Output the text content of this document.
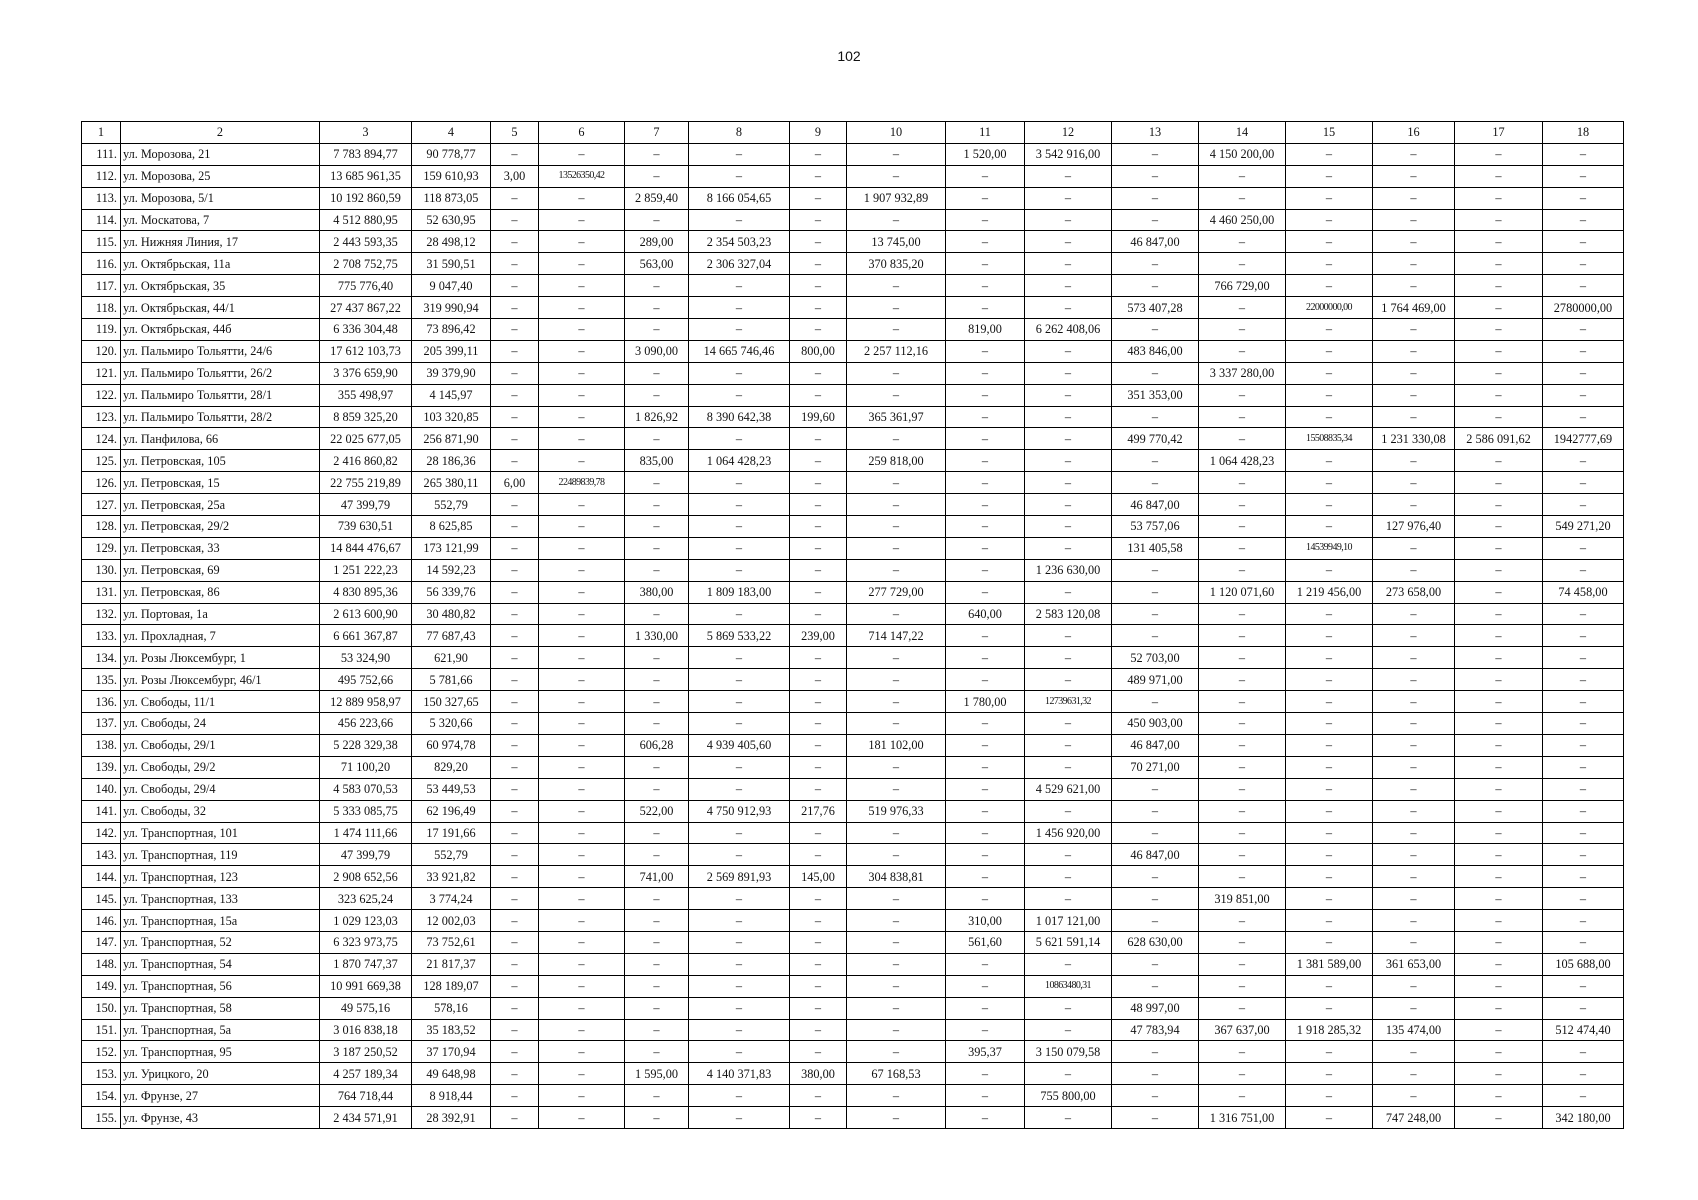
102
1	2	3	4	5	6	7	8	9	10	11	12	13	14	15	16	17	18
111.	ул. Морозова, 21	7 783 894,77	90 778,77	–	–	–	–	–	–	1 520,00	3 542 916,00	–	4 150 200,00	–	–	–	–
112.	ул. Морозова, 25	13 685 961,35	159 610,93	3,00	13526350,42	–	–	–	–	–	–	–	–	–	–	–	–
113.	ул. Морозова, 5/1	10 192 860,59	118 873,05	–	–	2 859,40	8 166 054,65	–	1 907 932,89	–	–	–	–	–	–	–	–
114.	ул. Москатова, 7	4 512 880,95	52 630,95	–	–	–	–	–	–	–	–	–	4 460 250,00	–	–	–	–
115.	ул. Нижняя Линия, 17	2 443 593,35	28 498,12	–	–	289,00	2 354 503,23	–	13 745,00	–	–	46 847,00	–	–	–	–	–
116.	ул. Октябрьская, 11а	2 708 752,75	31 590,51	–	–	563,00	2 306 327,04	–	370 835,20	–	–	–	–	–	–	–	–
117.	ул. Октябрьская, 35	775 776,40	9 047,40	–	–	–	–	–	–	–	–	–	766 729,00	–	–	–	–
118.	ул. Октябрьская, 44/1	27 437 867,22	319 990,94	–	–	–	–	–	–	–	–	573 407,28	–	22000000,00	1 764 469,00	–	2780000,00
119.	ул. Октябрьская, 44б	6 336 304,48	73 896,42	–	–	–	–	–	–	819,00	6 262 408,06	–	–	–	–	–	–
120.	ул. Пальмиро Тольятти, 24/6	17 612 103,73	205 399,11	–	–	3 090,00	14 665 746,46	800,00	2 257 112,16	–	–	483 846,00	–	–	–	–	–
121.	ул. Пальмиро Тольятти, 26/2	3 376 659,90	39 379,90	–	–	–	–	–	–	–	–	–	3 337 280,00	–	–	–	–
122.	ул. Пальмиро Тольятти, 28/1	355 498,97	4 145,97	–	–	–	–	–	–	–	–	351 353,00	–	–	–	–	–
123.	ул. Пальмиро Тольятти, 28/2	8 859 325,20	103 320,85	–	–	1 826,92	8 390 642,38	199,60	365 361,97	–	–	–	–	–	–	–	–
124.	ул. Панфилова, 66	22 025 677,05	256 871,90	–	–	–	–	–	–	–	–	499 770,42	–	15508835,34	1 231 330,08	2 586 091,62	1942777,69
125.	ул. Петровская, 105	2 416 860,82	28 186,36	–	–	835,00	1 064 428,23	–	259 818,00	–	–	–	1 064 428,23	–	–	–	–
126.	ул. Петровская, 15	22 755 219,89	265 380,11	6,00	22489839,78	–	–	–	–	–	–	–	–	–	–	–	–
127.	ул. Петровская, 25а	47 399,79	552,79	–	–	–	–	–	–	–	–	46 847,00	–	–	–	–	–
128.	ул. Петровская, 29/2	739 630,51	8 625,85	–	–	–	–	–	–	–	–	53 757,06	–	–	127 976,40	–	549 271,20
129.	ул. Петровская, 33	14 844 476,67	173 121,99	–	–	–	–	–	–	–	–	131 405,58	–	14539949,10	–	–	–
130.	ул. Петровская, 69	1 251 222,23	14 592,23	–	–	–	–	–	–	–	1 236 630,00	–	–	–	–	–	–
131.	ул. Петровская, 86	4 830 895,36	56 339,76	–	–	380,00	1 809 183,00	–	277 729,00	–	–	–	1 120 071,60	1 219 456,00	273 658,00	–	74 458,00
132.	ул. Портовая, 1а	2 613 600,90	30 480,82	–	–	–	–	–	–	640,00	2 583 120,08	–	–	–	–	–	–
133.	ул. Прохладная, 7	6 661 367,87	77 687,43	–	–	1 330,00	5 869 533,22	239,00	714 147,22	–	–	–	–	–	–	–	–
134.	ул. Розы Люксембург, 1	53 324,90	621,90	–	–	–	–	–	–	–	–	52 703,00	–	–	–	–	–
135.	ул. Розы Люксембург, 46/1	495 752,66	5 781,66	–	–	–	–	–	–	–	–	489 971,00	–	–	–	–	–
136.	ул. Свободы, 11/1	12 889 958,97	150 327,65	–	–	–	–	–	–	1 780,00	12739631,32	–	–	–	–	–	–
137.	ул. Свободы, 24	456 223,66	5 320,66	–	–	–	–	–	–	–	–	450 903,00	–	–	–	–	–
138.	ул. Свободы, 29/1	5 228 329,38	60 974,78	–	–	606,28	4 939 405,60	–	181 102,00	–	–	46 847,00	–	–	–	–	–
139.	ул. Свободы, 29/2	71 100,20	829,20	–	–	–	–	–	–	–	–	70 271,00	–	–	–	–	–
140.	ул. Свободы, 29/4	4 583 070,53	53 449,53	–	–	–	–	–	–	–	4 529 621,00	–	–	–	–	–	–
141.	ул. Свободы, 32	5 333 085,75	62 196,49	–	–	522,00	4 750 912,93	217,76	519 976,33	–	–	–	–	–	–	–	–
142.	ул. Транспортная, 101	1 474 111,66	17 191,66	–	–	–	–	–	–	–	1 456 920,00	–	–	–	–	–	–
143.	ул. Транспортная, 119	47 399,79	552,79	–	–	–	–	–	–	–	–	46 847,00	–	–	–	–	–
144.	ул. Транспортная, 123	2 908 652,56	33 921,82	–	–	741,00	2 569 891,93	145,00	304 838,81	–	–	–	–	–	–	–	–
145.	ул. Транспортная, 133	323 625,24	3 774,24	–	–	–	–	–	–	–	–	–	319 851,00	–	–	–	–
146.	ул. Транспортная, 15а	1 029 123,03	12 002,03	–	–	–	–	–	–	310,00	1 017 121,00	–	–	–	–	–	–
147.	ул. Транспортная, 52	6 323 973,75	73 752,61	–	–	–	–	–	–	561,60	5 621 591,14	628 630,00	–	–	–	–	–
148.	ул. Транспортная, 54	1 870 747,37	21 817,37	–	–	–	–	–	–	–	–	–	–	1 381 589,00	361 653,00	–	105 688,00
149.	ул. Транспортная, 56	10 991 669,38	128 189,07	–	–	–	–	–	–	–	10863480,31	–	–	–	–	–	–
150.	ул. Транспортная, 58	49 575,16	578,16	–	–	–	–	–	–	–	–	48 997,00	–	–	–	–	–
151.	ул. Транспортная, 5а	3 016 838,18	35 183,52	–	–	–	–	–	–	–	–	47 783,94	367 637,00	1 918 285,32	135 474,00	–	512 474,40
152.	ул. Транспортная, 95	3 187 250,52	37 170,94	–	–	–	–	–	–	395,37	3 150 079,58	–	–	–	–	–	–
153.	ул. Урицкого, 20	4 257 189,34	49 648,98	–	–	1 595,00	4 140 371,83	380,00	67 168,53	–	–	–	–	–	–	–	–
154.	ул. Фрунзе, 27	764 718,44	8 918,44	–	–	–	–	–	–	–	755 800,00	–	–	–	–	–	–
155.	ул. Фрунзе, 43	2 434 571,91	28 392,91	–	–	–	–	–	–	–	–	–	1 316 751,00	–	747 248,00	–	342 180,00
